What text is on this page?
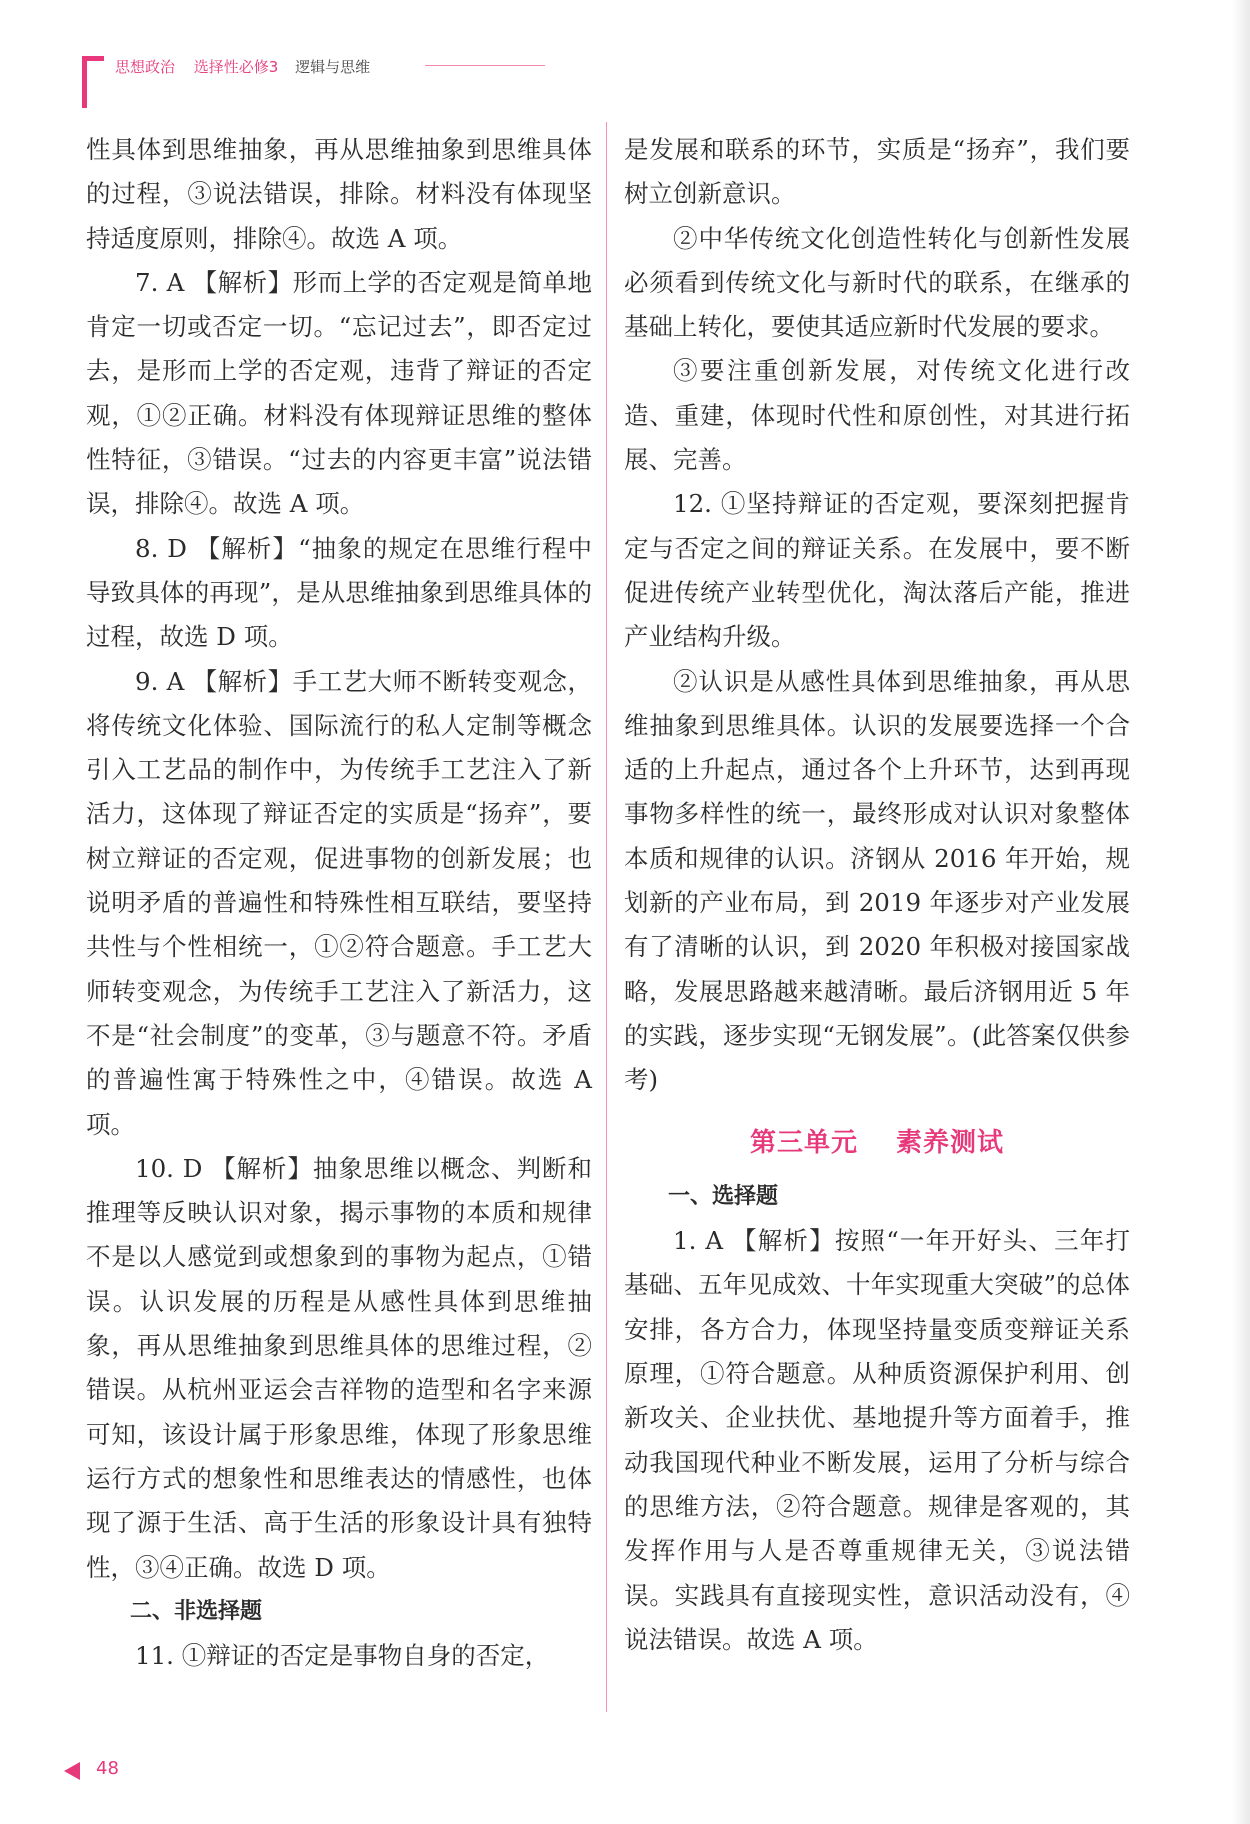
思想政治 选择性必修3 逻辑与思维

性具体到思维抽象，再从思维抽象到思维具体的过程，③说法错误，排除。材料没有体现坚持适度原则，排除④。故选 A 项。

7. A 【解析】形而上学的否定观是简单地肯定一切或否定一切。“忘记过去”，即否定过去，是形而上学的否定观，违背了辩证的否定观，①②正确。材料没有体现辩证思维的整体性特征，③错误。“过去的内容更丰富”说法错误，排除④。故选 A 项。

8. D 【解析】“抽象的规定在思维行程中导致具体的再现”，是从思维抽象到思维具体的过程，故选 D 项。

9. A 【解析】手工艺大师不断转变观念，将传统文化体验、国际流行的私人定制等概念引入工艺品的制作中，为传统手工艺注入了新活力，这体现了辩证否定的实质是“扬弃”，要树立辩证的否定观，促进事物的创新发展；也说明矛盾的普遍性和特殊性相互联结，要坚持共性与个性相统一，①②符合题意。手工艺大师转变观念，为传统手工艺注入了新活力，这不是“社会制度”的变革，③与题意不符。矛盾的普遍性寓于特殊性之中，④错误。故选 A 项。

10. D 【解析】抽象思维以概念、判断和推理等反映认识对象，揭示事物的本质和规律不是以人感觉到或想象到的事物为起点，①错误。认识发展的历程是从感性具体到思维抽象，再从思维抽象到思维具体的思维过程，②错误。从杭州亚运会吉祥物的造型和名字来源可知，该设计属于形象思维，体现了形象思维运行方式的想象性和思维表达的情感性，也体现了源于生活、高于生活的形象设计具有独特性，③④正确。故选 D 项。

二、非选择题

11. ①辩证的否定是事物自身的否定，

是发展和联系的环节，实质是“扬弃”，我们要树立创新意识。

②中华传统文化创造性转化与创新性发展必须看到传统文化与新时代的联系，在继承的基础上转化，要使其适应新时代发展的要求。

③要注重创新发展，对传统文化进行改造、重建，体现时代性和原创性，对其进行拓展、完善。

12. ①坚持辩证的否定观，要深刻把握肯定与否定之间的辩证关系。在发展中，要不断促进传统产业转型优化，淘汰落后产能，推进产业结构升级。

②认识是从感性具体到思维抽象，再从思维抽象到思维具体。认识的发展要选择一个合适的上升起点，通过各个上升环节，达到再现事物多样性的统一，最终形成对认识对象整体本质和规律的认识。济钢从 2016 年开始，规划新的产业布局，到 2019 年逐步对产业发展有了清晰的认识，到 2020 年积极对接国家战略，发展思路越来越清晰。最后济钢用近 5 年的实践，逐步实现“无钢发展”。(此答案仅供参考)

第三单元 素养测试

一、选择题

1. A 【解析】按照“一年开好头、三年打基础、五年见成效、十年实现重大突破”的总体安排，各方合力，体现坚持量变质变辩证关系原理，①符合题意。从种质资源保护利用、创新攻关、企业扶优、基地提升等方面着手，推动我国现代种业不断发展，运用了分析与综合的思维方法，②符合题意。规律是客观的，其发挥作用与人是否尊重规律无关，③说法错误。实践具有直接现实性，意识活动没有，④说法错误。故选 A 项。

48
